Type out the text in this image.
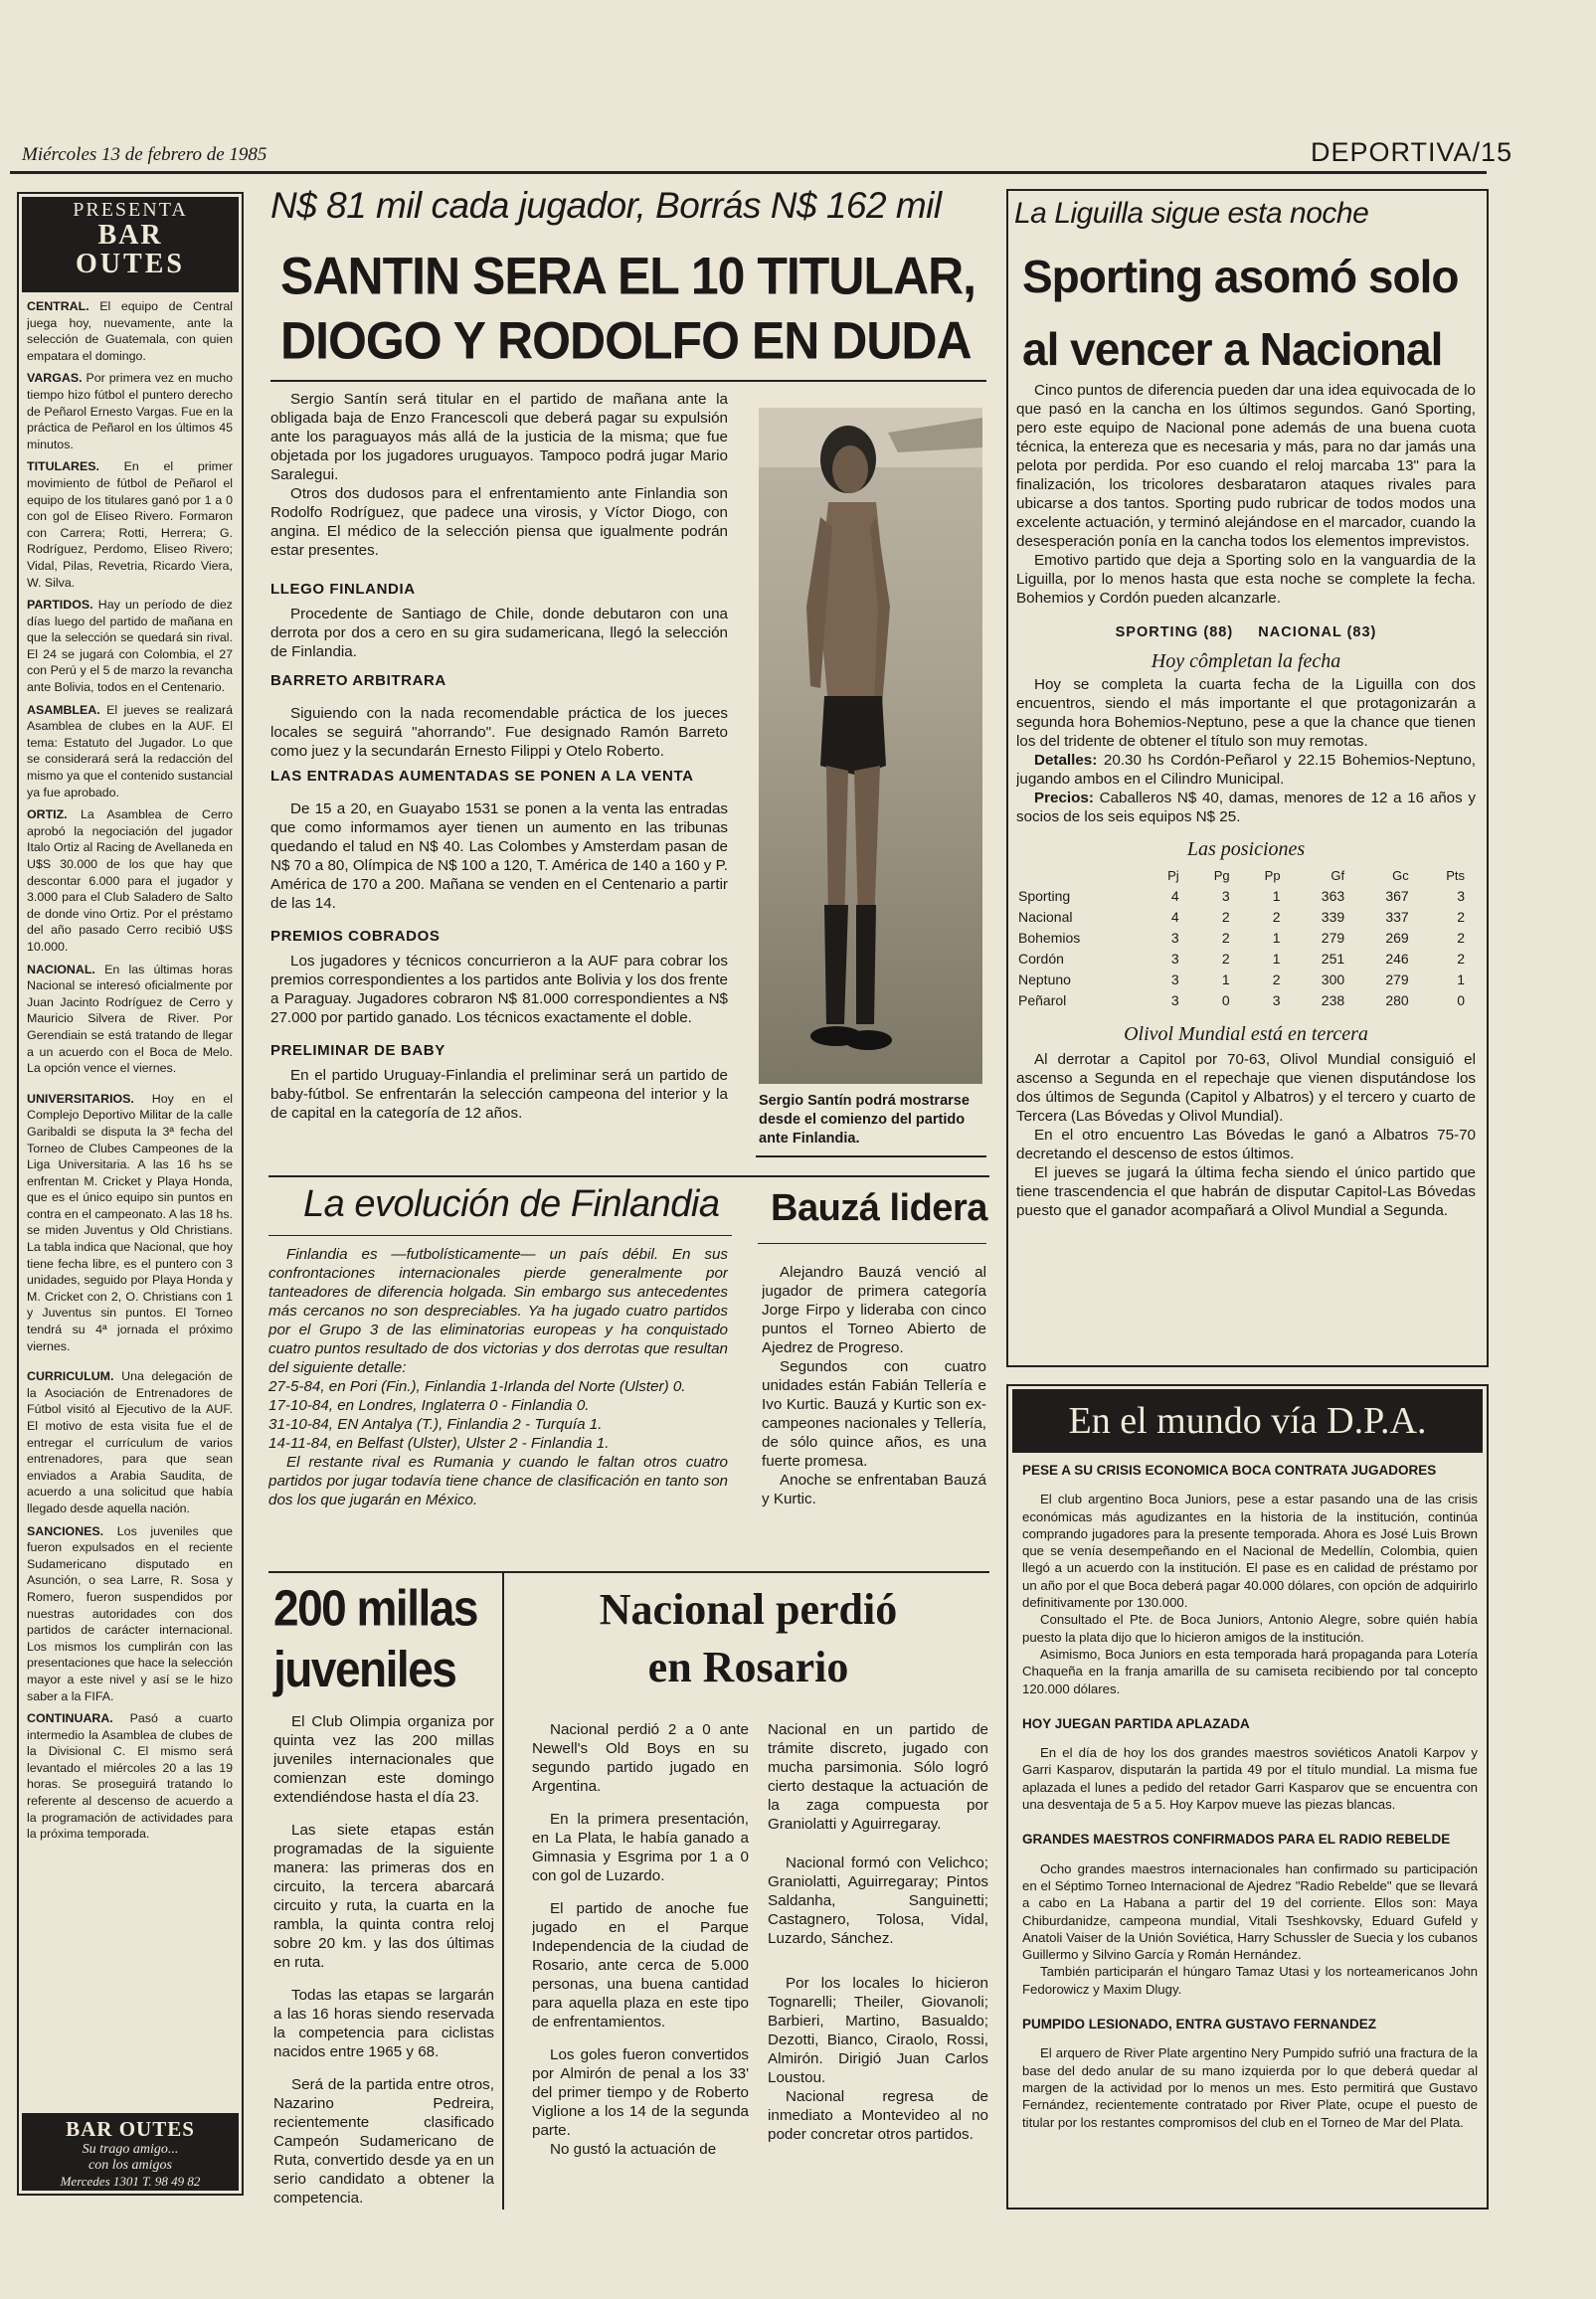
Miércoles 13 de febrero de 1985	DEPORTIVA/15
PRESENTA
BAR
OUTES

CENTRAL. El equipo de Central juega hoy, nuevamente, ante la selección de Guatemala, con quien empatara el domingo.

VARGAS. Por primera vez en mucho tiempo hizo fútbol el puntero derecho de Peñarol Ernesto Vargas. Fue en la práctica de Peñarol en los últimos 45 minutos.

TITULARES. En el primer movimiento de fútbol de Peñarol el equipo de los titulares ganó por 1 a 0 con gol de Eliseo Rivero. Formaron con Carrera; Rotti, Herrera; G. Rodríguez, Perdomo, Eliseo Rivero; Vidal, Pilas, Revetria, Ricardo Viera, W. Silva.

PARTIDOS. Hay un período de diez días luego del partido de mañana en que la selección se quedará sin rival. El 24 se jugará con Colombia, el 27 con Perú y el 5 de marzo la revancha ante Bolivia, todos en el Centenario.

ASAMBLEA. El jueves se realizará Asamblea de clubes en la AUF. El tema: Estatuto del Jugador. Lo que se considerará será la redacción del mismo ya que el contenido sustancial ya fue aprobado.

ORTIZ. La Asamblea de Cerro aprobó la negociación del jugador Italo Ortiz al Racing de Avellaneda en U$S 30.000 de los que hay que descontar 6.000 para el jugador y 3.000 para el Club Saladero de Salto de donde vino Ortiz. Por el préstamo del año pasado Cerro recibió U$S 10.000.

NACIONAL. En las últimas horas Nacional se interesó oficialmente por Juan Jacinto Rodríguez de Cerro y Mauricio Silvera de River. Por Gerendiain se está tratando de llegar a un acuerdo con el Boca de Melo. La opción vence el viernes.

UNIVERSITARIOS. Hoy en el Complejo Deportivo Militar de la calle Garibaldi se disputa la 3ª fecha del Torneo de Clubes Campeones de la Liga Universitaria. A las 16 hs se enfrentan M. Cricket y Playa Honda, que es el único equipo sin puntos en contra en el campeonato. A las 18 hs. se miden Juventus y Old Christians. La tabla indica que Nacional, que hoy tiene fecha libre, es el puntero con 3 unidades, seguido por Playa Honda y M. Cricket con 2, O. Christians con 1 y Juventus sin puntos. El Torneo tendrá su 4ª jornada el próximo viernes.

CURRICULUM. Una delegación de la Asociación de Entrenadores de Fútbol visitó al Ejecutivo de la AUF. El motivo de esta visita fue el de entregar el currículum de varios entrenadores, para que sean enviados a Arabia Saudita, de acuerdo a una solicitud que había llegado desde aquella nación.

SANCIONES. Los juveniles que fueron expulsados en el reciente Sudamericano disputado en Asunción, o sea Larre, R. Sosa y Romero, fueron suspendidos por nuestras autoridades con dos partidos de carácter internacional. Los mismos los cumplirán con las presentaciones que hace la selección mayor a este nivel y así se le hizo saber a la FIFA.

CONTINUARA. Pasó a cuarto intermedio la Asamblea de clubes de la Divisional C. El mismo será levantado el miércoles 20 a las 19 horas. Se proseguirá tratando lo referente al descenso de acuerdo a la programación de actividades para la próxima temporada.

BAR OUTES
Su trago amigo...
con los amigos
Mercedes 1301 T. 98 49 82
N$ 81 mil cada jugador, Borrás N$ 162 mil
SANTIN SERA EL 10 TITULAR,
DIOGO Y RODOLFO EN DUDA

Sergio Santín será titular en el partido de mañana ante la obligada baja de Enzo Francescoli que deberá pagar su expulsión ante los paraguayos más allá de la justicia de la misma; que fue objetada por los jugadores uruguayos. Tampoco podrá jugar Mario Saralegui.

Otros dos dudosos para el enfrentamiento ante Finlandia son Rodolfo Rodríguez, que padece una virosis, y Víctor Diogo, con angina. El médico de la selección piensa que igualmente podrán estar presentes.

LLEGO FINLANDIA

Procedente de Santiago de Chile, donde debutaron con una derrota por dos a cero en su gira sudamericana, llegó la selección de Finlandia.

BARRETO ARBITRARA

Siguiendo con la nada recomendable práctica de los jueces locales se seguirá "ahorrando". Fue designado Ramón Barreto como juez y la secundarán Ernesto Filippi y Otelo Roberto.

LAS ENTRADAS AUMENTADAS SE PONEN A LA VENTA

De 15 a 20, en Guayabo 1531 se ponen a la venta las entradas que como informamos ayer tienen un aumento en las tribunas quedando el talud en N$ 40. Las Colombes y Amsterdam pasan de N$ 70 a 80, Olímpica de N$ 100 a 120, T. América de 140 a 160 y P. América de 170 a 200. Mañana se venden en el Centenario a partir de las 14.

PREMIOS COBRADOS

Los jugadores y técnicos concurrieron a la AUF para cobrar los premios correspondientes a los partidos ante Bolivia y los dos frente a Paraguay. Jugadores cobraron N$ 81.000 correspondientes a N$ 27.000 por partido ganado. Los técnicos exactamente el doble.

PRELIMINAR DE BABY

En el partido Uruguay-Finlandia el preliminar será un partido de baby-fútbol. Se enfrentarán la selección campeona del interior y la de capital en la categoría de 12 años.

Sergio Santín podrá mostrarse desde el comienzo del partido ante Finlandia.
La evolución de Finlandia

Finlandia es —futbolísticamente— un país débil. En sus confrontaciones internacionales pierde generalmente por tanteadores de diferencia holgada. Sin embargo sus antecedentes más cercanos no son despreciables. Ya ha jugado cuatro partidos por el Grupo 3 de las eliminatorias europeas y ha conquistado cuatro puntos resultado de dos victorias y dos derrotas que resultan del siguiente detalle:

27-5-84, en Pori (Fin.), Finlandia 1-Irlanda del Norte (Ulster) 0.
17-10-84, en Londres, Inglaterra 0 - Finlandia 0.
31-10-84, EN Antalya (T.), Finlandia 2 - Turquía 1.
14-11-84, en Belfast (Ulster), Ulster 2 - Finlandia 1.

El restante rival es Rumania y cuando le faltan otros cuatro partidos por jugar todavía tiene chance de clasificación en tanto son dos los que jugarán en México.

Bauzá lidera

Alejandro Bauzá venció al jugador de primera categoría Jorge Firpo y lideraba con cinco puntos el Torneo Abierto de Ajedrez de Progreso.

Segundos con cuatro unidades están Fabián Tellería e Ivo Kurtic. Bauzá y Kurtic son ex-campeones nacionales y Tellería, de sólo quince años, es una fuerte promesa.

Anoche se enfrentaban Bauzá y Kurtic.

200 millas
juveniles

El Club Olimpia organiza por quinta vez las 200 millas juveniles internacionales que comienzan este domingo extendiéndose hasta el día 23.

Las siete etapas están programadas de la siguiente manera: las primeras dos en circuito, la tercera abarcará circuito y ruta, la cuarta en la rambla, la quinta contra reloj sobre 20 km. y las dos últimas en ruta.

Todas las etapas se largarán a las 16 horas siendo reservada la competencia para ciclistas nacidos entre 1965 y 68.

Será de la partida entre otros, Nazarino Pedreira, recientemente clasificado Campeón Sudamericano de Ruta, convertido desde ya en un serio candidato a obtener la competencia.

Nacional perdió
en Rosario

Nacional perdió 2 a 0 ante Newell's Old Boys en su segundo partido jugado en Argentina.

En la primera presentación, en La Plata, le había ganado a Gimnasia y Esgrima por 1 a 0 con gol de Luzardo.

El partido de anoche fue jugado en el Parque Independencia de la ciudad de Rosario, ante cerca de 5.000 personas, una buena cantidad para aquella plaza en este tipo de enfrentamientos.

Los goles fueron convertidos por Almirón de penal a los 33' del primer tiempo y de Roberto Viglione a los 14 de la segunda parte.

No gustó la actuación de

Nacional en un partido de trámite discreto, jugado con mucha parsimonia. Sólo logró cierto destaque la actuación de la zaga compuesta por Graniolatti y Aguirregaray.

Nacional formó con Velichco; Graniolatti, Aguirregaray; Pintos Saldanha, Sanguinetti; Castagnero, Tolosa, Vidal, Luzardo, Sánchez.

Por los locales lo hicieron Tognarelli; Theiler, Giovanoli; Barbieri, Martino, Basualdo; Dezotti, Bianco, Ciraolo, Rossi, Almirón. Dirigió Juan Carlos Loustou.

Nacional regresa de inmediato a Montevideo al no poder concretar otros partidos.

La Liguilla sigue esta noche
Sporting asomó solo
al vencer a Nacional

Cinco puntos de diferencia pueden dar una idea equivocada de lo que pasó en la cancha en los últimos segundos. Ganó Sporting, pero este equipo de Nacional pone además de una buena cuota técnica, la entereza que es necesaria y más, para no dar jamás una pelota por perdida. Por eso cuando el reloj marcaba 13" para la finalización, los tricolores desbarataron ataques rivales para ubicarse a dos tantos. Sporting pudo rubricar de todos modos una excelente actuación, y terminó alejándose en el marcador, cuando la desesperación ponía en la cancha todos los elementos imprevistos.

Emotivo partido que deja a Sporting solo en la vanguardia de la Liguilla, por lo menos hasta que esta noche se complete la fecha. Bohemios y Cordón pueden alcanzarle.

SPORTING (88)     NACIONAL (83)
Hoy cômpletan la fecha

Hoy se completa la cuarta fecha de la Liguilla con dos encuentros, siendo el más importante el que protagonizarán a segunda hora Bohemios-Neptuno, pese a que la chance que tienen los del tridente de obtener el título son muy remotas.

Detalles: 20.30 hs Cordón-Peñarol y 22.15 Bohemios-Neptuno, jugando ambos en el Cilindro Municipal.

Precios: Caballeros N$ 40, damas, menores de 12 a 16 años y socios de los seis equipos N$ 25.

Las posiciones
	Pj	Pg	Pp	Gf	Gc	Pts
Sporting	4	3	1	363	367	3
Nacional	4	2	2	339	337	2
Bohemios	3	2	1	279	269	2
Cordón	3	2	1	251	246	2
Neptuno	3	1	2	300	279	1
Peñarol	3	0	3	238	280	0
Olivol Mundial está en tercera

Al derrotar a Capitol por 70-63, Olivol Mundial consiguió el ascenso a Segunda en el repechaje que vienen disputándose los dos últimos de Segunda (Capitol y Albatros) y el tercero y cuarto de Tercera (Las Bóvedas y Olivol Mundial).

En el otro encuentro Las Bóvedas le ganó a Albatros 75-70 decretando el descenso de estos últimos.

El jueves se jugará la última fecha siendo el único partido que tiene trascendencia el que habrán de disputar Capitol-Las Bóvedas puesto que el ganador acompañará a Olivol Mundial a Segunda.

En el mundo vía D.P.A.
PESE A SU CRISIS ECONOMICA BOCA CONTRATA JUGADORES

El club argentino Boca Juniors, pese a estar pasando una de las crisis económicas más agudizantes en la historia de la institución, continúa comprando jugadores para la presente temporada. Ahora es José Luis Brown que se venía desempeñando en el Nacional de Medellín, Colombia, quien llegó a un acuerdo con la institución. El pase es en calidad de préstamo por un año por el que Boca deberá pagar 40.000 dólares, con opción de adquirirlo definitivamente por 130.000.

Consultado el Pte. de Boca Juniors, Antonio Alegre, sobre quién había puesto la plata dijo que lo hicieron amigos de la institución.

Asimismo, Boca Juniors en esta temporada hará propaganda para Lotería Chaqueña en la franja amarilla de su camiseta recibiendo por tal concepto 120.000 dólares.

HOY JUEGAN PARTIDA APLAZADA

En el día de hoy los dos grandes maestros soviéticos Anatoli Karpov y Garri Kasparov, disputarán la partida 49 por el título mundial. La misma fue aplazada el lunes a pedido del retador Garri Kasparov que se encuentra con una desventaja de 5 a 5. Hoy Karpov mueve las piezas blancas.

GRANDES MAESTROS CONFIRMADOS PARA EL RADIO REBELDE

Ocho grandes maestros internacionales han confirmado su participación en el Séptimo Torneo Internacional de Ajedrez "Radio Rebelde" que se llevará a cabo en La Habana a partir del 19 del corriente. Ellos son: Maya Chiburdanidze, campeona mundial, Vitali Tseshkovsky, Eduard Gufeld y Anatoli Vaiser de la Unión Soviética, Harry Schussler de Suecia y los cubanos Guillermo y Silvino García y Román Hernández.

También participarán el húngaro Tamaz Utasi y los norteamericanos John Fedorowicz y Maxim Dlugy.

PUMPIDO LESIONADO, ENTRA GUSTAVO FERNANDEZ

El arquero de River Plate argentino Nery Pumpido sufrió una fractura de la base del dedo anular de su mano izquierda por lo que deberá quedar al margen de la actividad por lo menos un mes. Esto permitirá que Gustavo Fernández, recientemente contratado por River Plate, ocupe el puesto de titular por los restantes compromisos del club en el Torneo de Mar del Plata.
